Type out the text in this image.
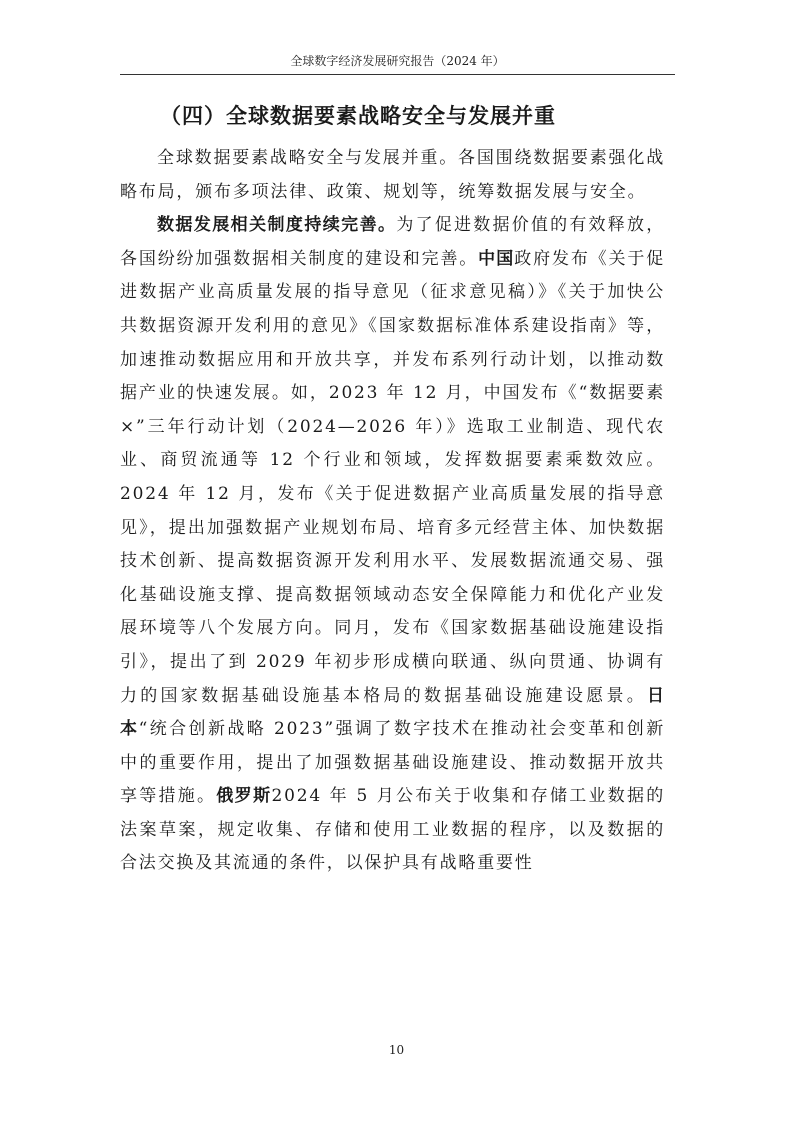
全球数字经济发展研究报告（2024 年）
（四）全球数据要素战略安全与发展并重

全球数据要素战略安全与发展并重。各国围绕数据要素强化战略布局，颁布多项法律、政策、规划等，统筹数据发展与安全。

数据发展相关制度持续完善。为了促进数据价值的有效释放，各国纷纷加强数据相关制度的建设和完善。中国政府发布《关于促进数据产业高质量发展的指导意见（征求意见稿）》《关于加快公共数据资源开发利用的意见》《国家数据标准体系建设指南》等，加速推动数据应用和开放共享，并发布系列行动计划，以推动数据产业的快速发展。如，2023 年 12 月，中国发布《“数据要素 ×”三年行动计划（2024—2026 年）》选取工业制造、现代农业、商贸流通等 12 个行业和领域，发挥数据要素乘数效应。2024 年 12 月，发布《关于促进数据产业高质量发展的指导意见》，提出加强数据产业规划布局、培育多元经营主体、加快数据技术创新、提高数据资源开发利用水平、发展数据流通交易、强化基础设施支撑、提高数据领域动态安全保障能力和优化产业发展环境等八个发展方向。同月，发布《国家数据基础设施建设指引》，提出了到 2029 年初步形成横向联通、纵向贯通、协调有力的国家数据基础设施基本格局的数据基础设施建设愿景。日本“统合创新战略 2023”强调了数字技术在推动社会变革和创新中的重要作用，提出了加强数据基础设施建设、推动数据开放共享等措施。俄罗斯2024 年 5 月公布关于收集和存储工业数据的法案草案，规定收集、存储和使用工业数据的程序，以及数据的合法交换及其流通的条件，以保护具有战略重要性

10
